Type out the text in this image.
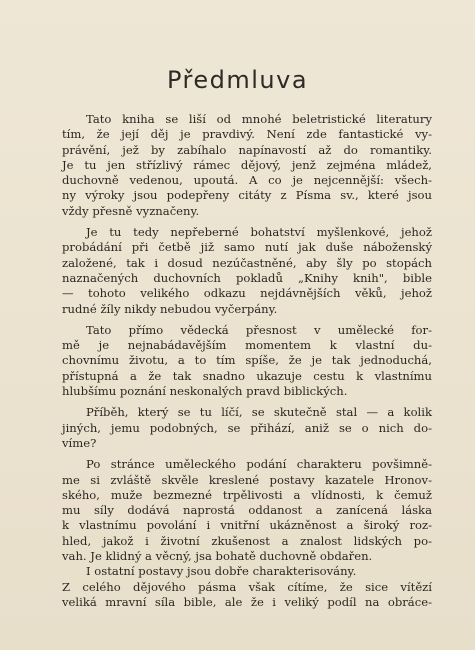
Předmluva
Tato kniha se liší od mnohé beletristické literatury
tím, že její děj je pravdivý. Není zde fantastické vy-
právění, jež by zabíhalo napínavostí až do romantiky.
Je tu jen střízlivý rámec dějový, jenž zejména mládež,
duchovně vedenou, upoutá. A co je nejcennější: všech-
ny výroky jsou podepřeny citáty z Písma sv., které jsou
vždy přesně vyznačeny.
Je tu tedy nepřeberné bohatství myšlenkové, jehož
probádání při četbě již samo nutí jak duše náboženský
založené, tak i dosud nezúčastněné, aby šly po stopách
naznačených duchovních pokladů „Knihy knih", bible
— tohoto velikého odkazu nejdávnějších věků, jehož
rudné žíly nikdy nebudou vyčerpány.
Tato přímo vědecká přesnost v umělecké for-
mě je nejnabádavějším momentem k vlastní du-
chovnímu životu, a to tím spíše, že je tak jednoduchá,
přístupná a že tak snadno ukazuje cestu k vlastnímu
hlubšímu poznání neskonalých pravd biblických.
Příběh, který se tu líčí, se skutečně stal — a kolik
jiných, jemu podobných, se přihází, aniž se o nich do-
víme?
Po stránce uměleckého podání charakteru povšimně-
me si zvláště skvěle kreslené postavy kazatele Hronov-
ského, muže bezmezné trpělivosti a vlídnosti, k čemuž
mu síly dodává naprostá oddanost a zanícená láska
k vlastnímu povolání i vnitřní ukázněnost a široký roz-
hled, jakož i životní zkušenost a znalost lidských po-
vah. Je klidný a věcný, jsa bohatě duchovně obdařen.
I ostatní postavy jsou dobře charakterisovány.
Z celého dějového pásma však cítíme, že sice vítězí
veliká mravní síla bible, ale že i veliký podíl na obráce-
